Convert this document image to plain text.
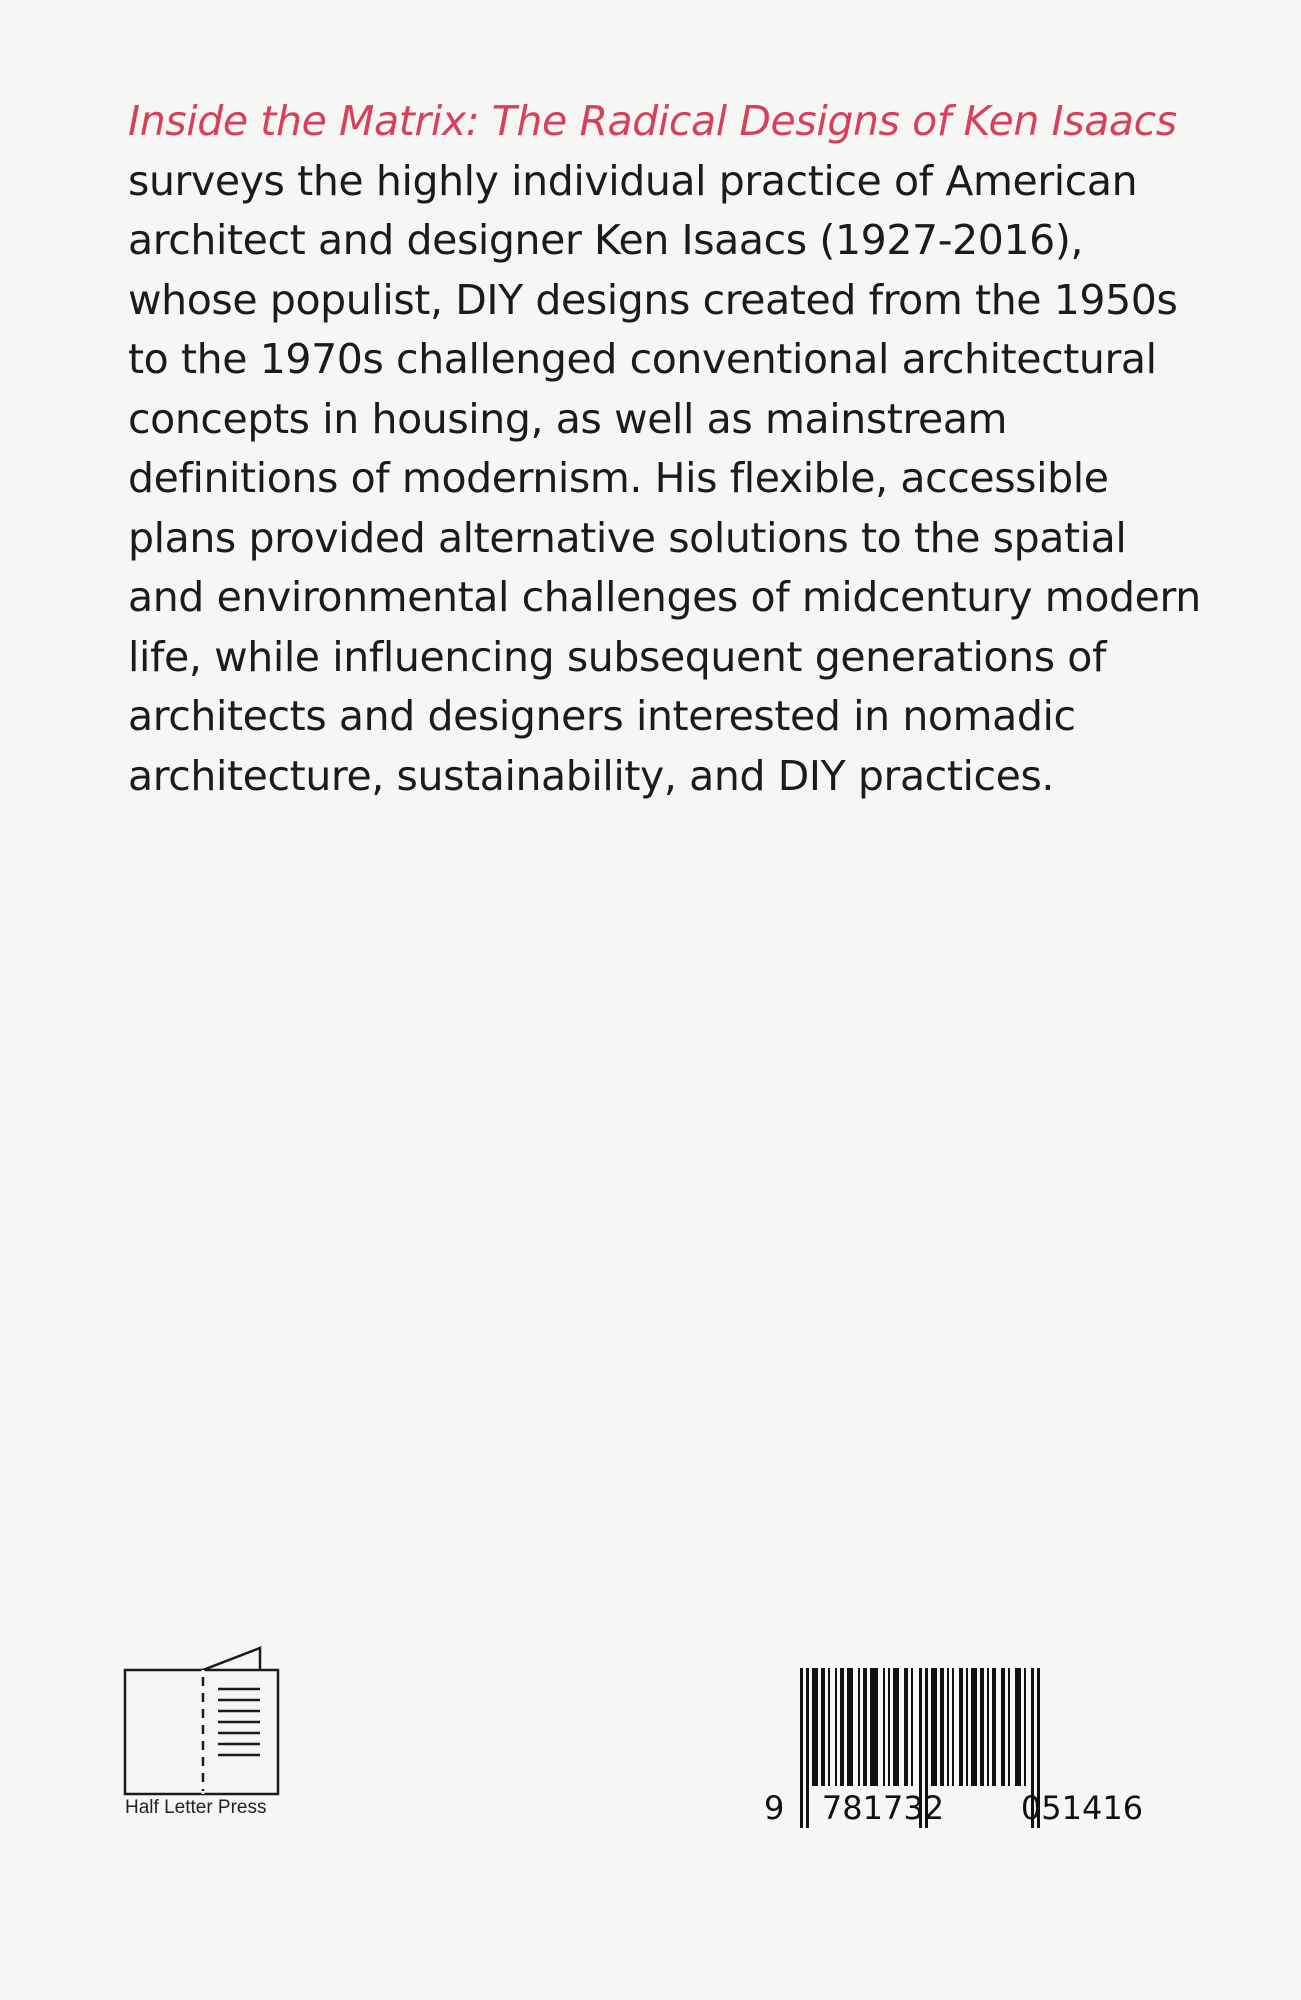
Inside the Matrix: The Radical Designs of Ken Isaacs
surveys the highly individual practice of American
architect and designer Ken Isaacs (1927-2016),
whose populist, DIY designs created from the 1950s
to the 1970s challenged conventional architectural
concepts in housing, as well as mainstream
definitions of modernism. His flexible, accessible
plans provided alternative solutions to the spatial
and environmental challenges of midcentury modern
life, while influencing subsequent generations of
architects and designers interested in nomadic
architecture, sustainability, and DIY practices.

Half Letter Press	9 781732 051416
